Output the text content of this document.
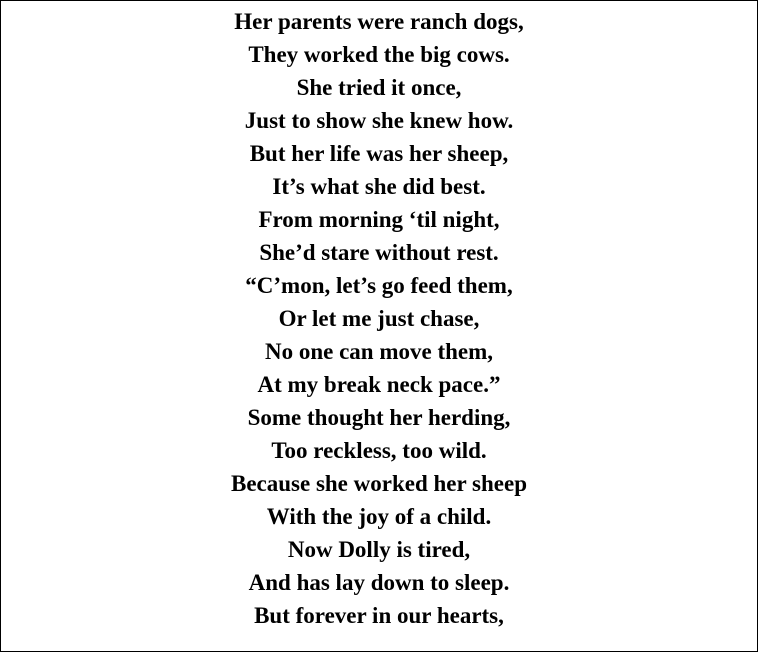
Her parents were ranch dogs,
They worked the big cows.
She tried it once,
Just to show she knew how.
But her life was her sheep,
It’s what she did best.
From morning ‘til night,
She’d stare without rest.
“C’mon, let’s go feed them,
Or let me just chase,
No one can move them,
At my break neck pace.”
Some thought her herding,
Too reckless, too wild.
Because she worked her sheep
With the joy of a child.
Now Dolly is tired,
And has lay down to sleep.
But forever in our hearts,
